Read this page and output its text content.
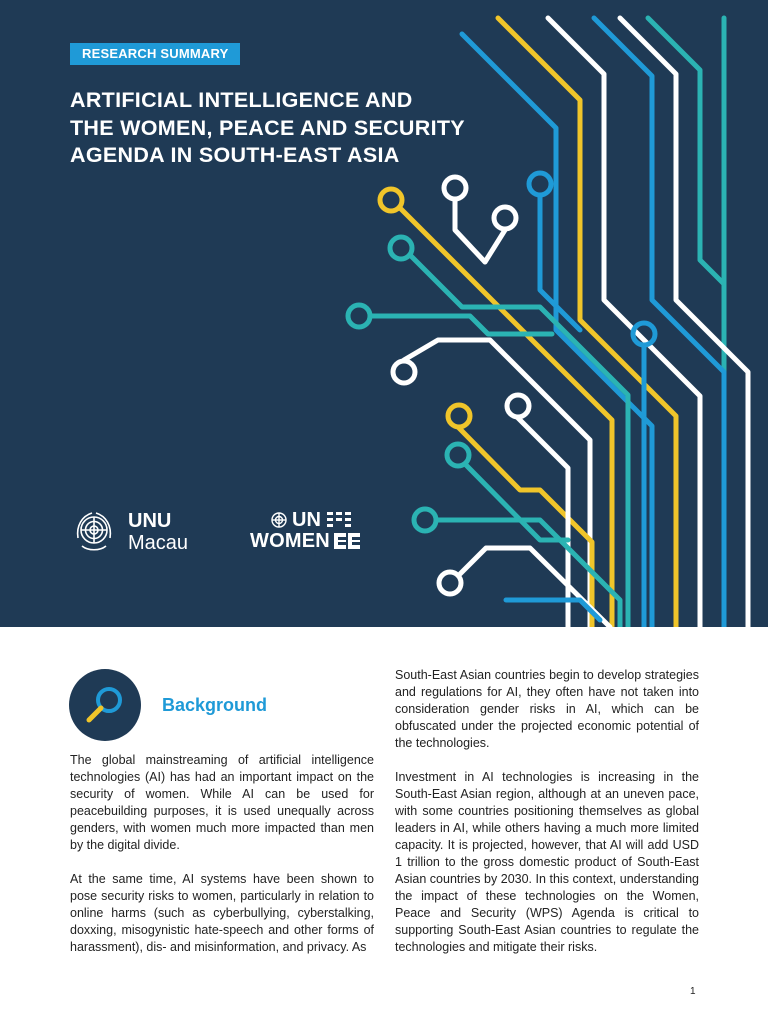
RESEARCH SUMMARY
ARTIFICIAL INTELLIGENCE AND
THE WOMEN, PEACE AND SECURITY
AGENDA IN SOUTH-EAST ASIA
UNU
Macau
UN
WOMEN
Background

The global mainstreaming of artificial intelligence technologies (AI) has had an important impact on the security of women. While AI can be used for peacebuilding purposes, it is used unequally across genders, with women much more impacted than men by the digital divide.

At the same time, AI systems have been shown to pose security risks to women, particularly in relation to online harms (such as cyberbullying, cyberstalking, doxxing, misogynistic hate-speech and other forms of harassment), dis- and misinformation, and privacy. As

South-East Asian countries begin to develop strategies and regulations for AI, they often have not taken into consideration gender risks in AI, which can be obfuscated under the projected economic potential of the technologies.

Investment in AI technologies is increasing in the South-East Asian region, although at an uneven pace, with some countries positioning themselves as global leaders in AI, while others having a much more limited capacity. It is projected, however, that AI will add USD 1 trillion to the gross domestic product of South-East Asian countries by 2030. In this context, understanding the impact of these technologies on the Women, Peace and Security (WPS) Agenda is critical to supporting South-East Asian countries to regulate the technologies and mitigate their risks.

1
